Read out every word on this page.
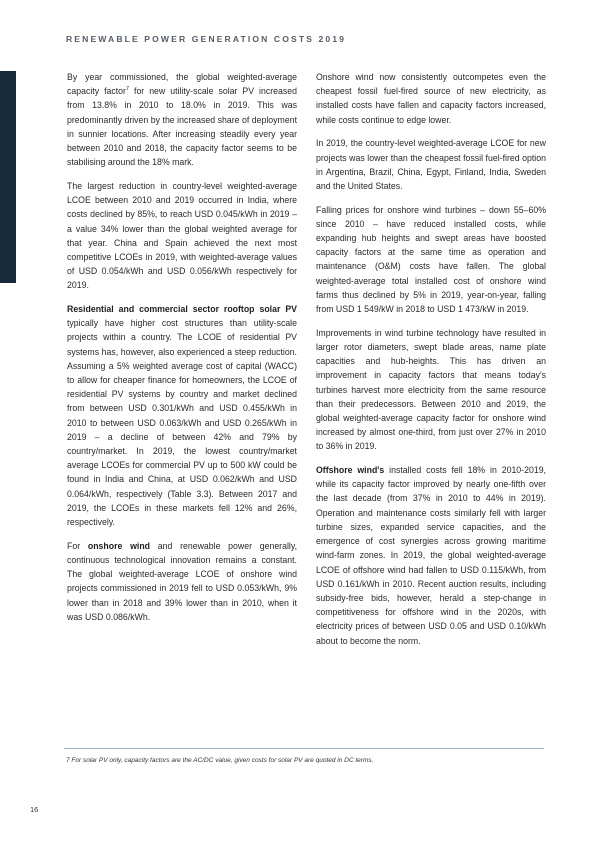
RENEWABLE POWER GENERATION COSTS 2019

By year commissioned, the global weighted-average capacity factor$^7$ for new utility-scale solar PV increased from 13.8% in 2010 to 18.0% in 2019. This was predominantly driven by the increased share of deployment in sunnier locations. After increasing steadily every year between 2010 and 2018, the capacity factor seems to be stabilising around the 18% mark.

The largest reduction in country-level weighted-average LCOE between 2010 and 2019 occurred in India, where costs declined by 85%, to reach USD 0.045/kWh in 2019 – a value 34% lower than the global weighted average for that year. China and Spain achieved the next most competitive LCOEs in 2019, with weighted-average values of USD 0.054/kWh and USD 0.056/kWh respectively for 2019.

Residential and commercial sector rooftop solar PV typically have higher cost structures than utility-scale projects within a country. The LCOE of residential PV systems has, however, also experienced a steep reduction. Assuming a 5% weighted average cost of capital (WACC) to allow for cheaper finance for homeowners, the LCOE of residential PV systems by country and market declined from between USD 0.301/kWh and USD 0.455/kWh in 2010 to between USD 0.063/kWh and USD 0.265/kWh in 2019 – a decline of between 42% and 79% by country/market. In 2019, the lowest country/market average LCOEs for commercial PV up to 500 kW could be found in India and China, at USD 0.062/kWh and USD 0.064/kWh, respectively (Table 3.3). Between 2017 and 2019, the LCOEs in these markets fell 12% and 26%, respectively.

For onshore wind and renewable power generally, continuous technological innovation remains a constant. The global weighted-average LCOE of onshore wind projects commissioned in 2019 fell to USD 0.053/kWh, 9% lower than in 2018 and 39% lower than in 2010, when it was USD 0.086/kWh.

Onshore wind now consistently outcompetes even the cheapest fossil fuel-fired source of new electricity, as installed costs have fallen and capacity factors increased, while costs continue to edge lower.

In 2019, the country-level weighted-average LCOE for new projects was lower than the cheapest fossil fuel-fired option in Argentina, Brazil, China, Egypt, Finland, India, Sweden and the United States.

Falling prices for onshore wind turbines – down 55–60% since 2010 – have reduced installed costs, while expanding hub heights and swept areas have boosted capacity factors at the same time as operation and maintenance (O&M) costs have fallen. The global weighted-average total installed cost of onshore wind farms thus declined by 5% in 2019, year-on-year, falling from USD 1 549/kW in 2018 to USD 1 473/kW in 2019.

Improvements in wind turbine technology have resulted in larger rotor diameters, swept blade areas, name plate capacities and hub-heights. This has driven an improvement in capacity factors that means today's turbines harvest more electricity from the same resource than their predecessors. Between 2010 and 2019, the global weighted-average capacity factor for onshore wind increased by almost one-third, from just over 27% in 2010 to 36% in 2019.

Offshore wind's installed costs fell 18% in 2010-2019, while its capacity factor improved by nearly one-fifth over the last decade (from 37% in 2010 to 44% in 2019). Operation and maintenance costs similarly fell with larger turbine sizes, expanded service capacities, and the emergence of cost synergies across growing maritime wind-farm zones. In 2019, the global weighted-average LCOE of offshore wind had fallen to USD 0.115/kWh, from USD 0.161/kWh in 2010. Recent auction results, including subsidy-free bids, however, herald a step-change in competitiveness for offshore wind in the 2020s, with electricity prices of between USD 0.05 and USD 0.10/kWh about to become the norm.

7 For solar PV only, capacity factors are the AC/DC value, given costs for solar PV are quoted in DC terms.
16
